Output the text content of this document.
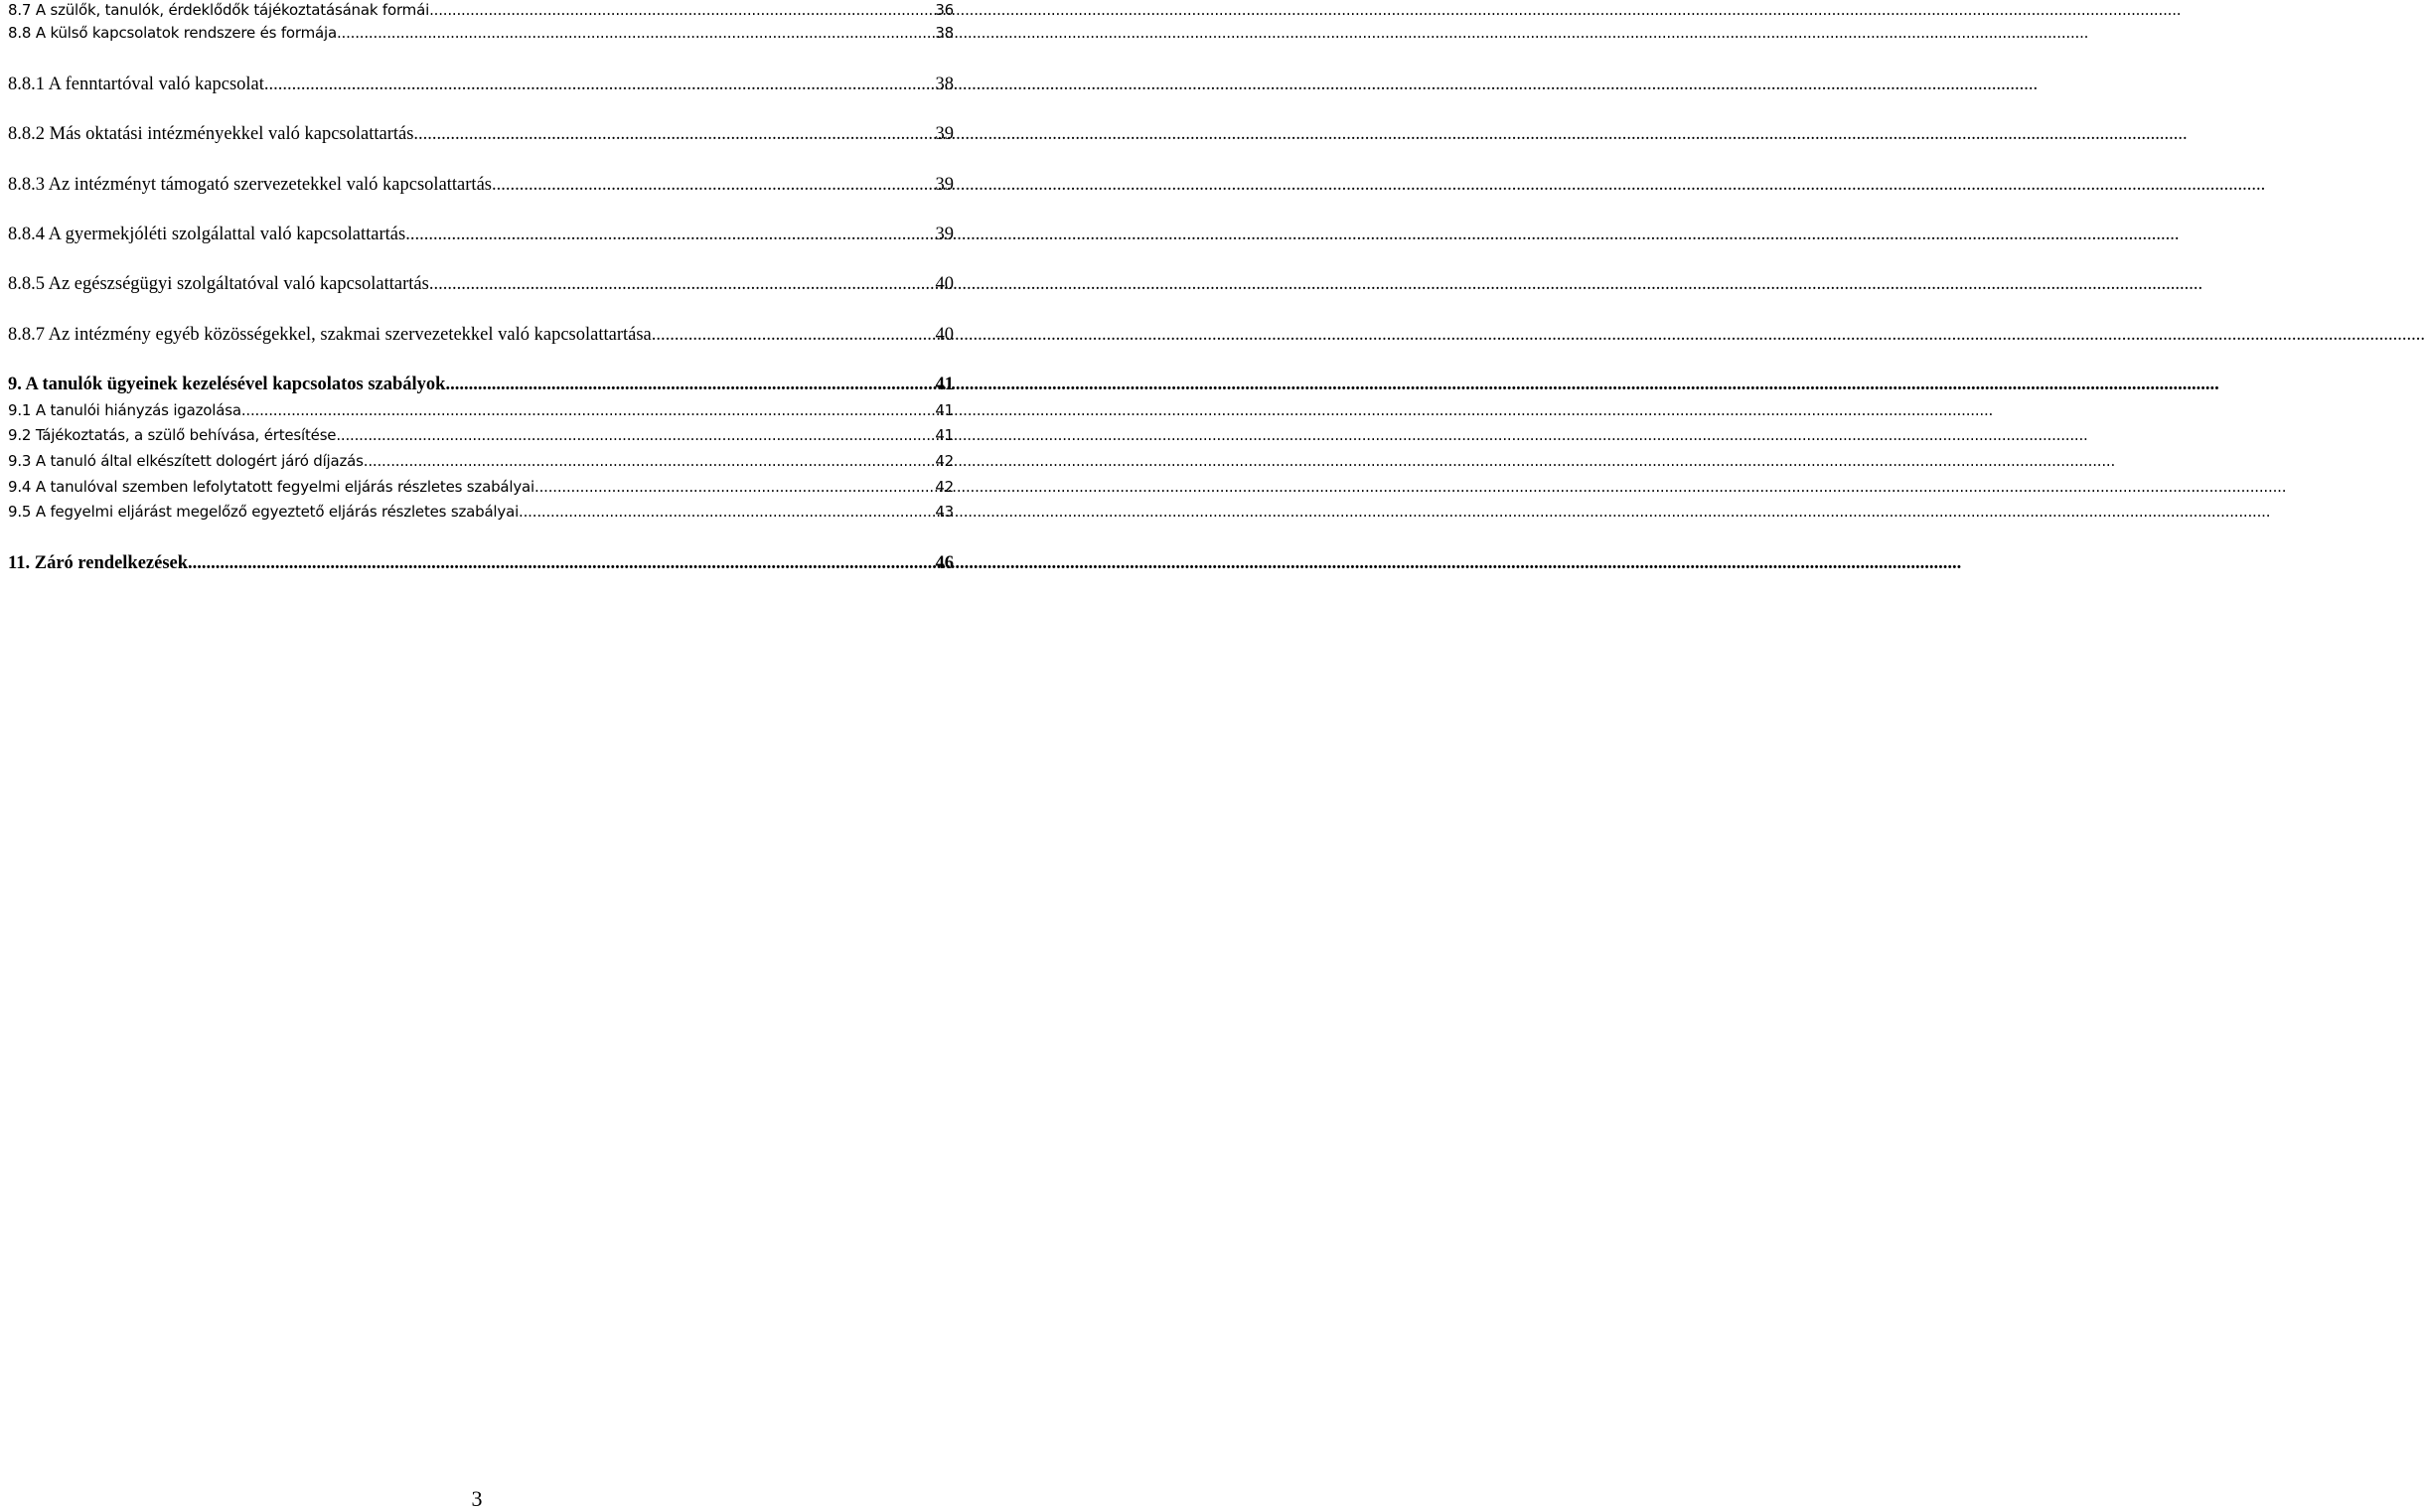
8.7 A szülők, tanulók, érdeklődők tájékoztatásának formái .....	36
8.8 A külső kapcsolatok rendszere és formája .....	38
8.8.1 A fenntartóval való kapcsolat .....	38
8.8.2 Más oktatási intézményekkel való kapcsolattartás .....	39
8.8.3 Az intézményt támogató szervezetekkel való kapcsolattartás .....	39
8.8.4 A gyermekjóléti szolgálattal való kapcsolattartás .....	39
8.8.5 Az egészségügyi szolgáltatóval való kapcsolattartás .....	40
8.8.7 Az intézmény egyéb közösségekkel, szakmai szervezetekkel való kapcsolattartása .....	40
9. A tanulók ügyeinek kezelésével kapcsolatos szabályok .....	41
9.1 A tanulói hiányzás igazolása .....	41
9.2 Tájékoztatás, a szülő behívása, értesítése .....	41
9.3 A tanuló által elkészített dologért járó díjazás .....	42
9.4 A tanulóval szemben lefolytatott fegyelmi eljárás részletes szabályai .....	42
9.5 A fegyelmi eljárást megelőző egyeztető eljárás részletes szabályai .....	43
11. Záró rendelkezések .....	46
3
